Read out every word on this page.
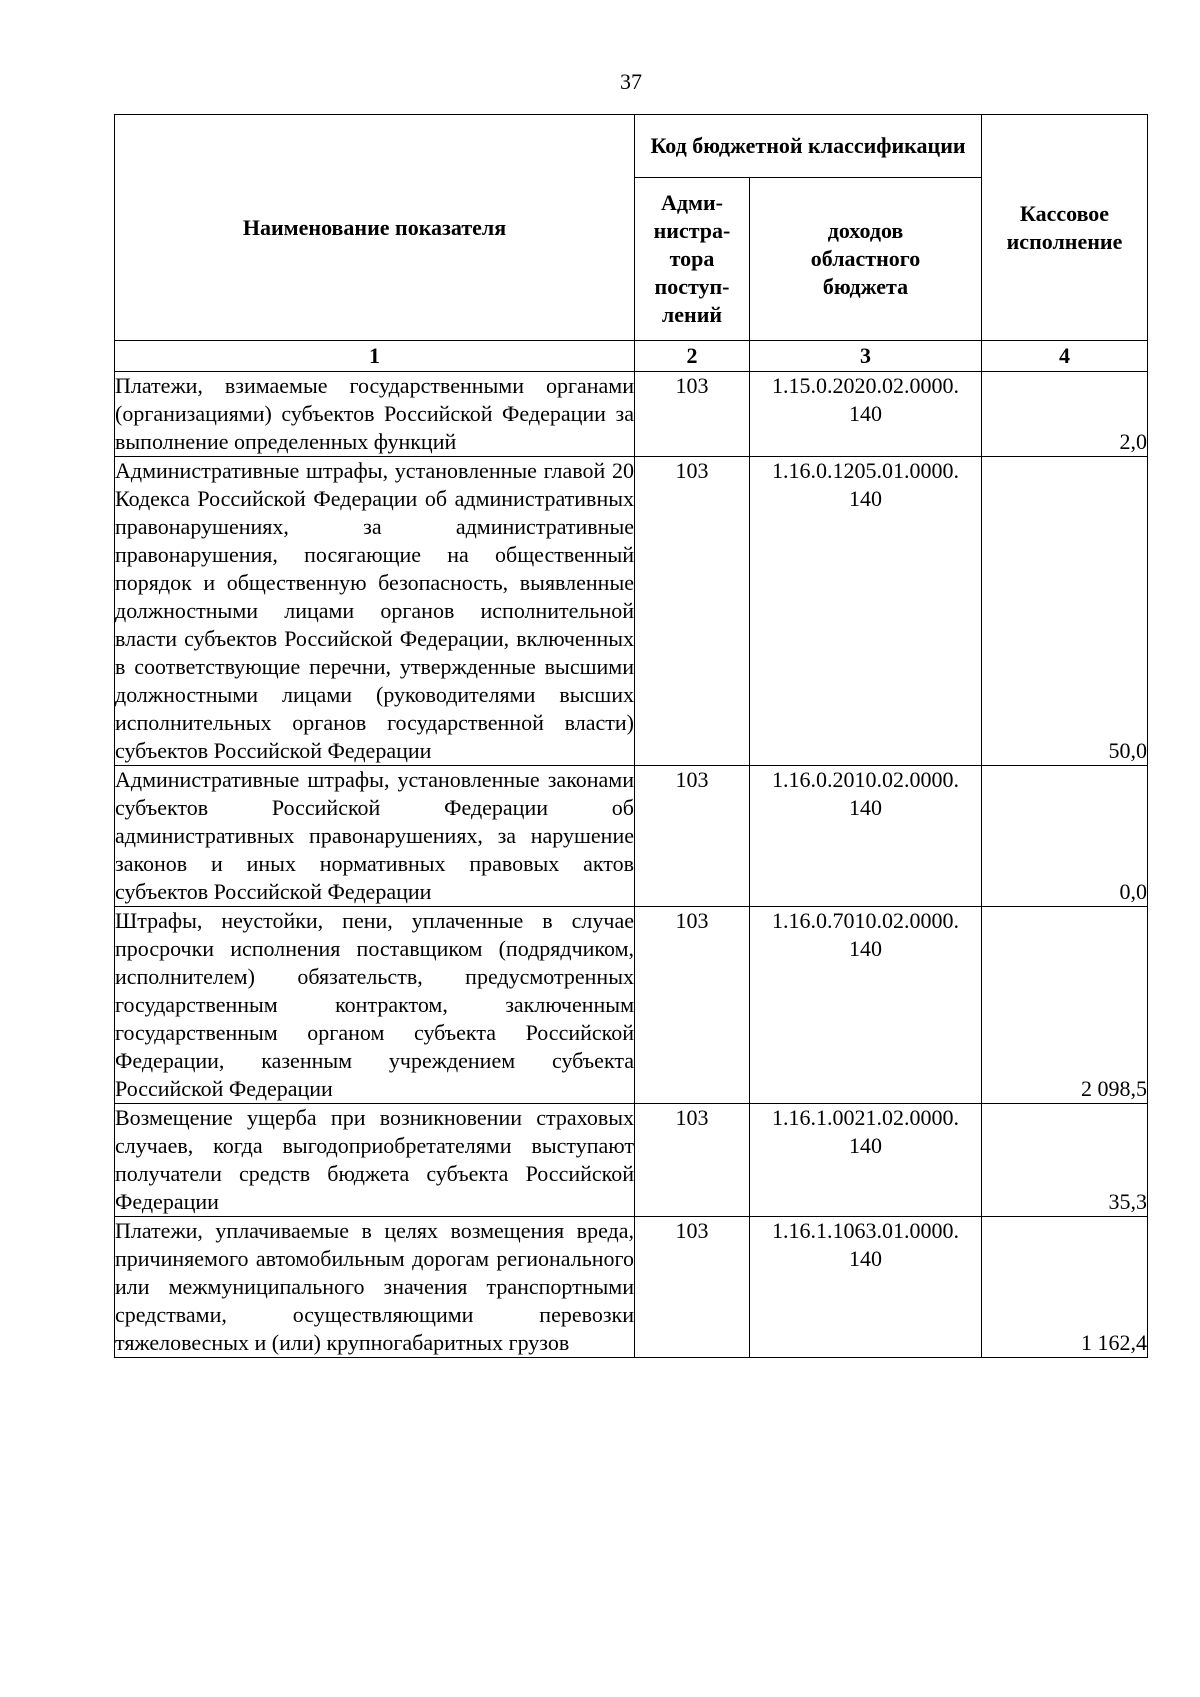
37
Наименование показателя	Код бюджетной классификации		Кассовое
исполнение
	Адми-
нистра-
тора
поступ-
лений	доходов
областного
бюджета	
1	2	3	4
Платежи, взимаемые государственными органами (организациями) субъектов Российской Федерации за выполнение определенных функций	103	1.15.0.2020.02.0000.
140	2,0
Административные штрафы, установленные главой 20 Кодекса Российской Федерации об административных правонарушениях, за административные правонарушения, посягающие на общественный порядок и общественную безопасность, выявленные должностными лицами органов исполнительной власти субъектов Российской Федерации, включенных в соответствующие перечни, утвержденные высшими должностными лицами (руководителями высших исполнительных органов государственной власти) субъектов Российской Федерации	103	1.16.0.1205.01.0000.
140	50,0
Административные штрафы, установленные законами субъектов Российской Федерации об административных правонарушениях, за нарушение законов и иных нормативных правовых актов субъектов Российской Федерации	103	1.16.0.2010.02.0000.
140	0,0
Штрафы, неустойки, пени, уплаченные в случае просрочки исполнения поставщиком (подрядчиком, исполнителем) обязательств, предусмотренных государственным контрактом, заключенным государственным органом субъекта Российской Федерации, казенным учреждением субъекта Российской Федерации	103	1.16.0.7010.02.0000.
140	2 098,5
Возмещение ущерба при возникновении страховых случаев, когда выгодоприобретателями выступают получатели средств бюджета субъекта Российской Федерации	103	1.16.1.0021.02.0000.
140	35,3
Платежи, уплачиваемые в целях возмещения вреда, причиняемого автомобильным дорогам регионального или межмуниципального значения транспортными средствами, осуществляющими перевозки тяжеловесных и (или) крупногабаритных грузов	103	1.16.1.1063.01.0000.
140	1 162,4
